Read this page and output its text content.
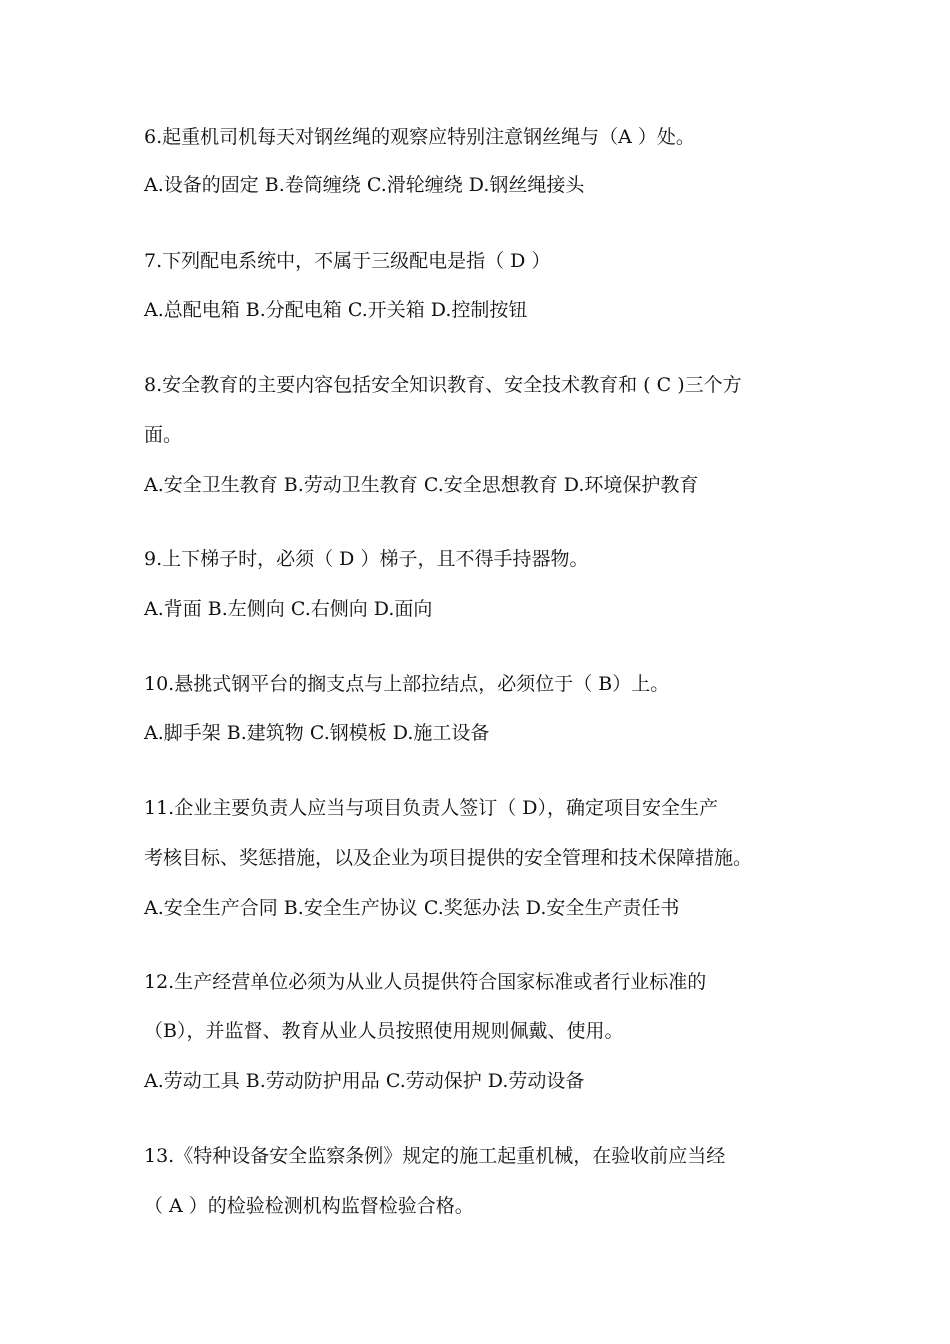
6.起重机司机每天对钢丝绳的观察应特别注意钢丝绳与（A ）处。
A.设备的固定 B.卷筒缠绕 C.滑轮缠绕 D.钢丝绳接头
7.下列配电系统中，不属于三级配电是指（ D ）
A.总配电箱 B.分配电箱 C.开关箱 D.控制按钮
8.安全教育的主要内容包括安全知识教育、安全技术教育和 ( C )三个方
面。
A.安全卫生教育 B.劳动卫生教育 C.安全思想教育 D.环境保护教育
9.上下梯子时，必须（ D ）梯子，且不得手持器物。
A.背面 B.左侧向 C.右侧向 D.面向
10.悬挑式钢平台的搁支点与上部拉结点，必须位于（ B）上。
A.脚手架 B.建筑物 C.钢模板 D.施工设备
11.企业主要负责人应当与项目负责人签订（ D），确定项目安全生产
考核目标、奖惩措施，以及企业为项目提供的安全管理和技术保障措施。
A.安全生产合同 B.安全生产协议 C.奖惩办法 D.安全生产责任书
12.生产经营单位必须为从业人员提供符合国家标准或者行业标准的
（B），并监督、教育从业人员按照使用规则佩戴、使用。
A.劳动工具 B.劳动防护用品 C.劳动保护 D.劳动设备
13.《特种设备安全监察条例》规定的施工起重机械，在验收前应当经
（ A ）的检验检测机构监督检验合格。
